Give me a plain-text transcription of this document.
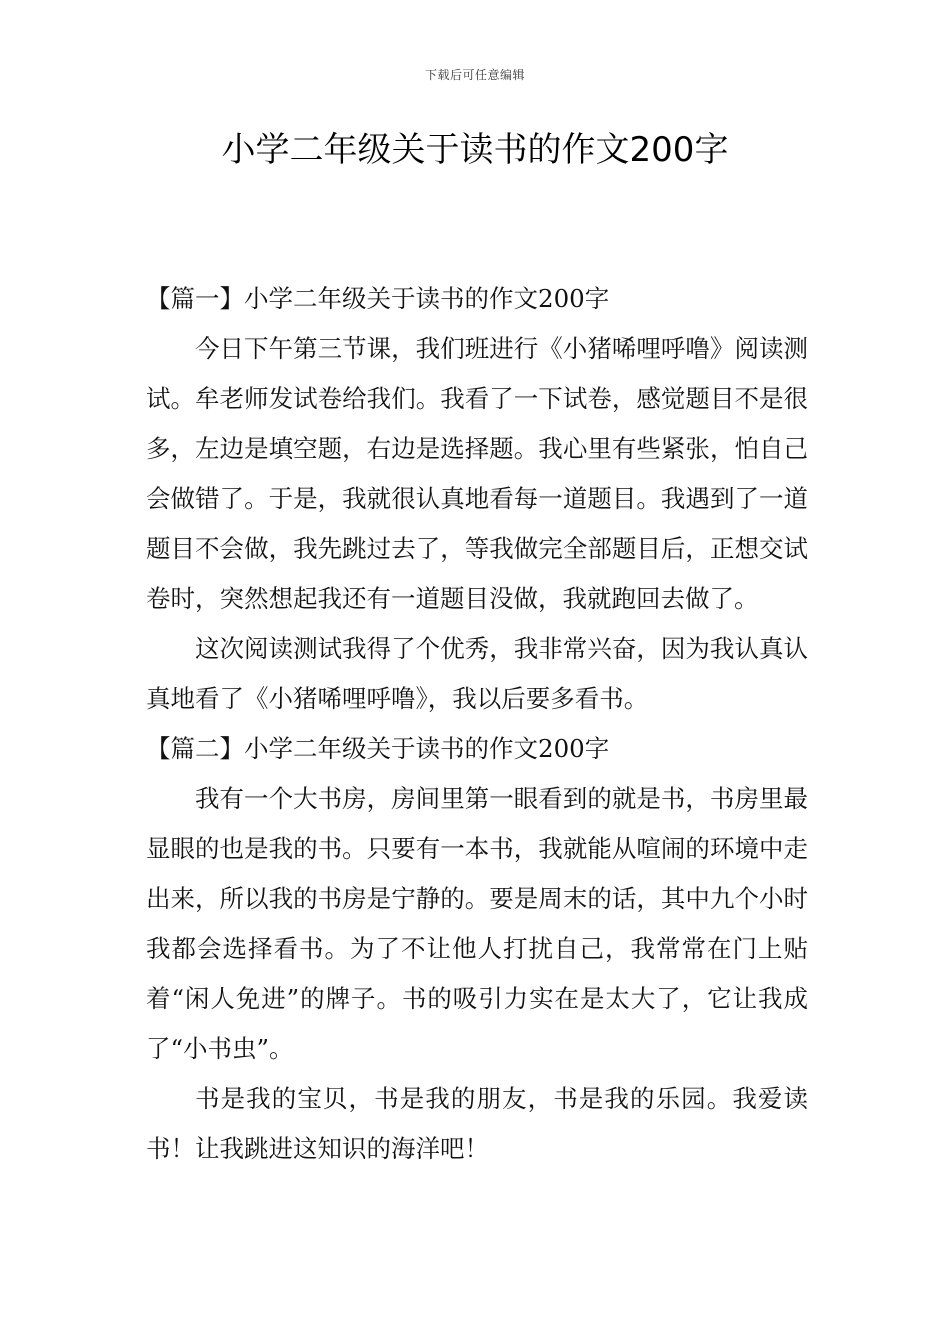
下载后可任意编辑
小学二年级关于读书的作文200字
【篇一】小学二年级关于读书的作文200字

今日下午第三节课，我们班进行《小猪唏哩呼噜》阅读测试。牟老师发试卷给我们。我看了一下试卷，感觉题目不是很多，左边是填空题，右边是选择题。我心里有些紧张，怕自己会做错了。于是，我就很认真地看每一道题目。我遇到了一道题目不会做，我先跳过去了，等我做完全部题目后，正想交试卷时，突然想起我还有一道题目没做，我就跑回去做了。

这次阅读测试我得了个优秀，我非常兴奋，因为我认真认真地看了《小猪唏哩呼噜》，我以后要多看书。

【篇二】小学二年级关于读书的作文200字

我有一个大书房，房间里第一眼看到的就是书，书房里最显眼的也是我的书。只要有一本书，我就能从喧闹的环境中走出来，所以我的书房是宁静的。要是周末的话，其中九个小时我都会选择看书。为了不让他人打扰自己，我常常在门上贴着“闲人免进”的牌子。书的吸引力实在是太大了，它让我成了“小书虫”。

书是我的宝贝，书是我的朋友，书是我的乐园。我爱读书！让我跳进这知识的海洋吧！
